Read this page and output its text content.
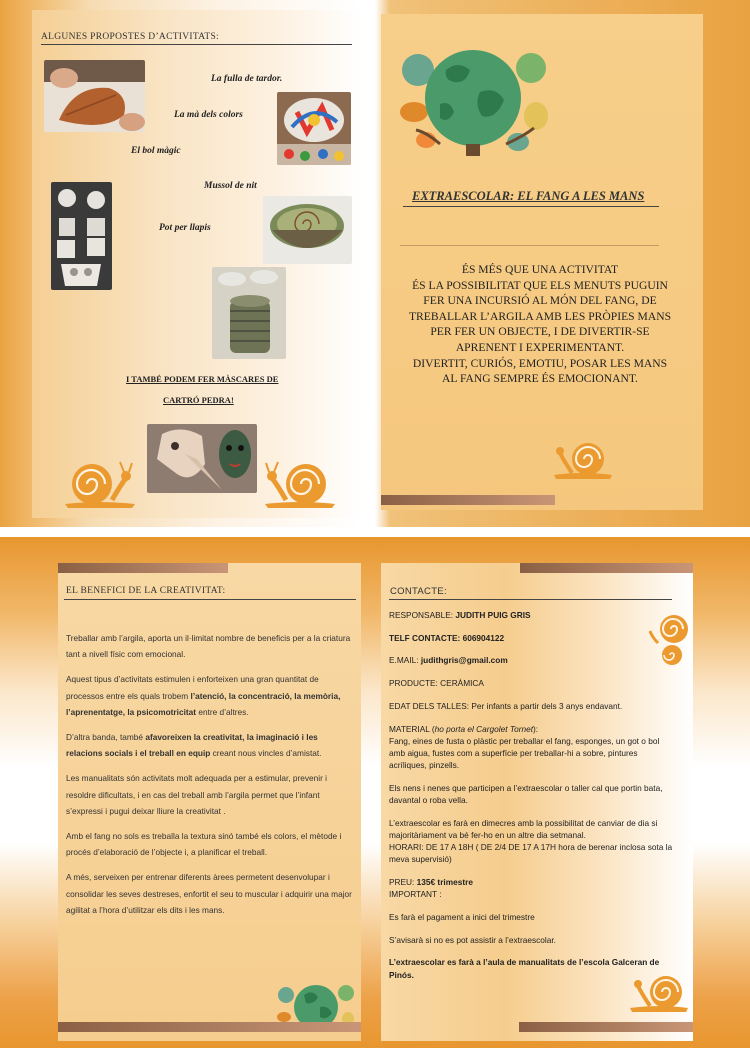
ALGUNES PROPOSTES D’ACTIVITATS:
La fulla de tardor.
La mà dels colors
El bol màgic
Mussol de nit
Pot per llapis
I TAMBÉ PODEM FER MÀSCARES DE
CARTRÓ PEDRA!
EXTRAESCOLAR: EL FANG A LES MANS
ÉS MÉS QUE UNA ACTIVITAT
ÉS LA POSSIBILITAT QUE ELS MENUTS PUGUIN
FER UNA INCURSIÓ AL MÓN DEL FANG, DE
TREBALLAR L’ARGILA AMB LES PRÒPIES MANS
PER FER UN OBJECTE, I DE DIVERTIR-SE
APRENENT I EXPERIMENTANT.
DIVERTIT, CURIÓS, EMOTIU, POSAR LES MANS
AL FANG SEMPRE ÉS EMOCIONANT.
EL BENEFICI DE LA CREATIVITAT:

Treballar amb l’argila, aporta un il·limitat nombre de beneficis per a la criatura tant a nivell físic com emocional.

Aquest tipus d’activitats estimulen i enforteixen una gran quantitat de processos entre els quals trobem l’atenció, la concentració, la memòria, l’aprenentatge, la psicomotricitat entre d’altres.

D’altra banda, també afavoreixen la creativitat, la imaginació i les relacions socials i el treball en equip creant nous vincles d’amistat.

Les manualitats són activitats molt adequada per a estimular, prevenir i resoldre dificultats, i en cas del treball amb l’argila permet que l’infant s’expressi i pugui deixar lliure la creativitat .

Amb el fang no sols es treballa la textura sinó també els colors, el mètode i procés d’elaboració de l’objecte i, a planificar el treball.

A més, serveixen per entrenar diferents àrees permetent desenvolupar i consolidar les seves destreses, enfortit el seu to muscular i adquirir una major agilitat a l’hora d’utilitzar els dits i les mans.

CONTACTE:

RESPONSABLE: JUDITH PUIG GRIS

TELF CONTACTE: 606904122

E.MAIL: judithgris@gmail.com

PRODUCTE: CERÀMICA

EDAT DELS TALLES: Per infants a partir dels 3 anys endavant.

MATERIAL (ho porta el Cargolet Tornet):
Fang, eines de fusta o plàstic per treballar el fang, esponges, un got o bol amb aigua, fustes com a superfície per treballar-hi a sobre, pintures acríliques, pinzells.

Els nens i nenes que participen a l’extraescolar o taller cal que portin bata, davantal o roba vella.

L’extraescolar es farà en dimecres amb la possibilitat de canviar de dia si majoritàriament va bé fer-ho en un altre dia setmanal.

HORARI: DE 17 A 18H ( DE 2/4 DE 17 A 17H hora de berenar inclosa sota la meva supervisió)

PREU: 135€ trimestre

IMPORTANT :

Es farà el pagament a inici del trimestre

S’avisarà si no es pot assistir a l’extraescolar.

L’extraescolar es farà a l’aula de manualitats de l’escola Galceran de Pinós.
